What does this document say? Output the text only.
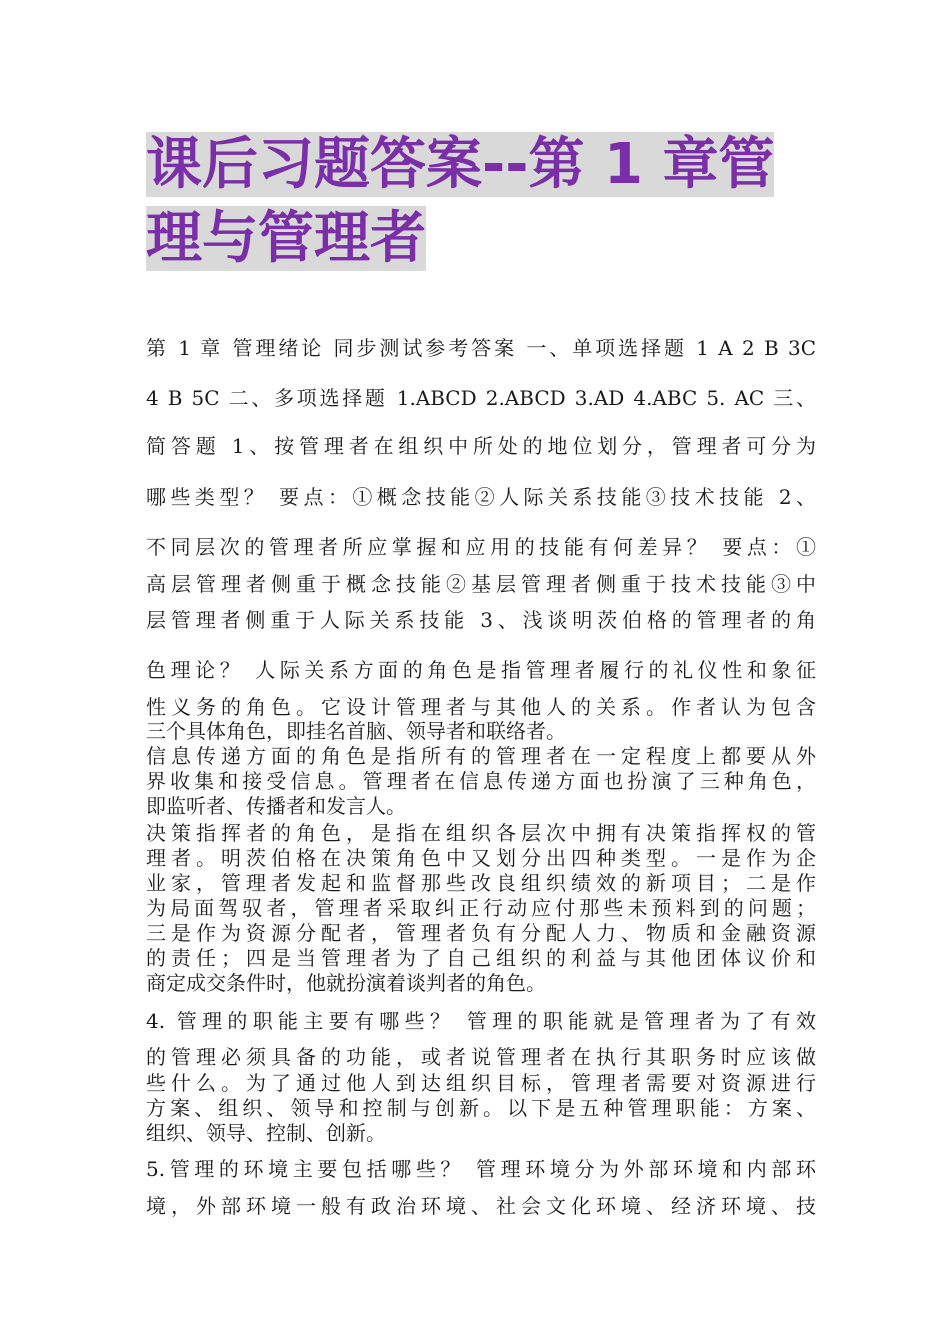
课后习题答案--第 1 章管
理与管理者

第 1 章 管理绪论 同步测试参考答案 一、单项选择题 1 A 2 B 3C

4 B 5C 二、多项选择题 1.ABCD 2.ABCD 3.AD 4.ABC 5. AC 三、

简答题 1、按管理者在组织中所处的地位划分，管理者可分为

哪些类型？ 要点：①概念技能②人际关系技能③技术技能 2、

不同层次的管理者所应掌握和应用的技能有何差异？ 要点：①

高层管理者侧重于概念技能②基层管理者侧重于技术技能③中

层管理者侧重于人际关系技能 3、浅谈明茨伯格的管理者的角

色理论？ 人际关系方面的角色是指管理者履行的礼仪性和象征

性义务的角色。它设计管理者与其他人的关系。作者认为包含

三个具体角色，即挂名首脑、领导者和联络者。

信息传递方面的角色是指所有的管理者在一定程度上都要从外

界收集和接受信息。管理者在信息传递方面也扮演了三种角色，

即监听者、传播者和发言人。

决策指挥者的角色，是指在组织各层次中拥有决策指挥权的管

理者。明茨伯格在决策角色中又划分出四种类型。一是作为企

业家，管理者发起和监督那些改良组织绩效的新项目；二是作

为局面驾驭者，管理者采取纠正行动应付那些未预料到的问题；

三是作为资源分配者，管理者负有分配人力、物质和金融资源

的责任；四是当管理者为了自己组织的利益与其他团体议价和

商定成交条件时，他就扮演着谈判者的角色。

4. 管理的职能主要有哪些？ 管理的职能就是管理者为了有效

的管理必须具备的功能，或者说管理者在执行其职务时应该做

些什么。为了通过他人到达组织目标，管理者需要对资源进行

方案、组织、领导和控制与创新。以下是五种管理职能：方案、

组织、领导、控制、创新。

5.管理的环境主要包括哪些？ 管理环境分为外部环境和内部环

境，外部环境一般有政治环境、社会文化环境、经济环境、技
